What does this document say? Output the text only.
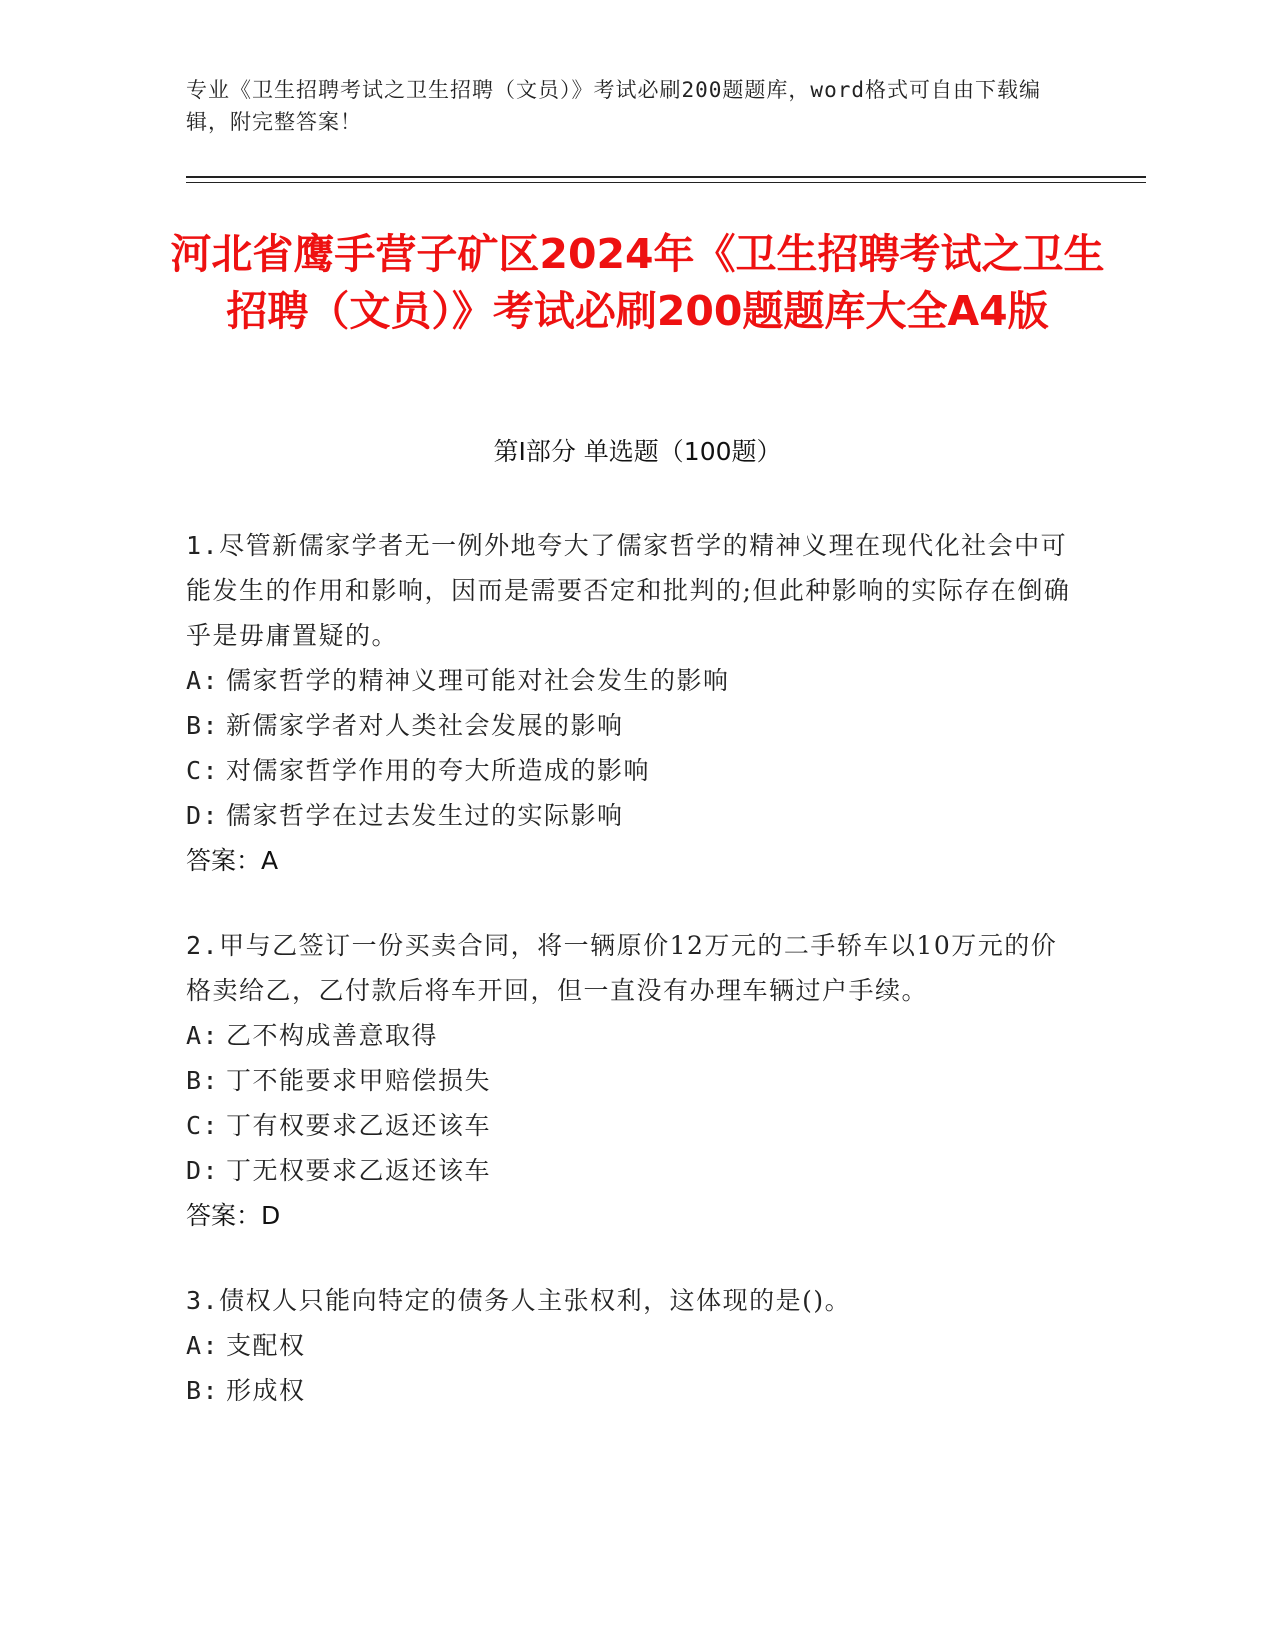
专业《卫生招聘考试之卫生招聘（文员）》考试必刷200题题库，word格式可自由下载编辑，附完整答案！
河北省鹰手营子矿区2024年《卫生招聘考试之卫生招聘（文员）》考试必刷200题题库大全A4版
第Ⅰ部分 单选题（100题）
1.尽管新儒家学者无一例外地夸大了儒家哲学的精神义理在现代化社会中可能发生的作用和影响，因而是需要否定和批判的;但此种影响的实际存在倒确乎是毋庸置疑的。
A: 儒家哲学的精神义理可能对社会发生的影响
B: 新儒家学者对人类社会发展的影响
C: 对儒家哲学作用的夸大所造成的影响
D: 儒家哲学在过去发生过的实际影响
答案：A
2.甲与乙签订一份买卖合同，将一辆原价12万元的二手轿车以10万元的价格卖给乙，乙付款后将车开回，但一直没有办理车辆过户手续。
A: 乙不构成善意取得
B: 丁不能要求甲赔偿损失
C: 丁有权要求乙返还该车
D: 丁无权要求乙返还该车
答案：D
3.债权人只能向特定的债务人主张权利，这体现的是()。
A: 支配权
B: 形成权
